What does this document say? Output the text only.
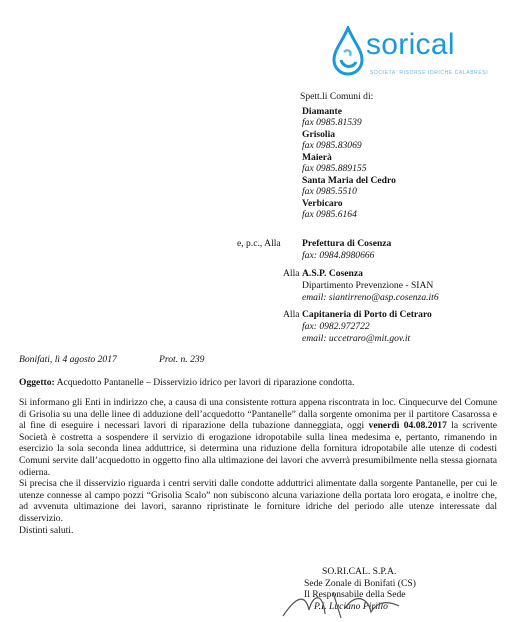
sorical
SOCIETA' RISORSE IDRICHE CALABRESI
Spett.li Comuni di:
Diamante
fax 0985.81539
Grisolia
fax 0985.83069
Maierà
fax 0985.889155
Santa Maria del Cedro
fax 0985.5510
Verbicaro
fax 0985.6164
e, p.c., Alla Prefettura di Cosenza
fax: 0984.8980666
Alla A.S.P. Cosenza
Dipartimento Prevenzione - SIAN
email: siantirreno@asp.cosenza.it6
Alla Capitaneria di Porto di Cetraro
fax: 0982.972722
email: uccetraro@mit.gov.it
Bonifati, lì 4 agosto 2017	Prot. n. 239
Oggetto: Acquedotto Pantanelle – Disservizio idrico per lavori di riparazione condotta.

Si informano gli Enti in indirizzo che, a causa di una consistente rottura appena riscontrata in loc. Cinquecurve del Comune di Grisolia su una delle linee di adduzione dell’acquedotto “Pantanelle” dalla sorgente omonima per il partitore Casarossa e al fine di eseguire i necessari lavori di riparazione della tubazione danneggiata, oggi venerdì 04.08.2017 la scrivente Società è costretta a sospendere il servizio di erogazione idropotabile sulla linea medesima e, pertanto, rimanendo in esercizio la sola seconda linea adduttrice, si determina una riduzione della fornitura idropotabile alle utenze di codesti Comuni servite dall’acquedotto in oggetto fino alla ultimazione dei lavori che avverrà presumibilmente nella stessa giornata odierna.

Si precisa che il disservizio riguarda i centri serviti dalle condotte adduttrici alimentate dalla sorgente Pantanelle, per cui le utenze connesse al campo pozzi “Grisolia Scalo” non subiscono alcuna variazione della portata loro erogata, e inoltre che, ad avvenuta ultimazione dei lavori, saranno ripristinate le forniture idriche del periodo alle utenze interessate dal disservizio.

Distinti saluti.

SO.RI.CAL. S.P.A.
Sede Zonale di Bonifati (CS)
Il Responsabile della Sede
P.I. Luciano Pirillo
